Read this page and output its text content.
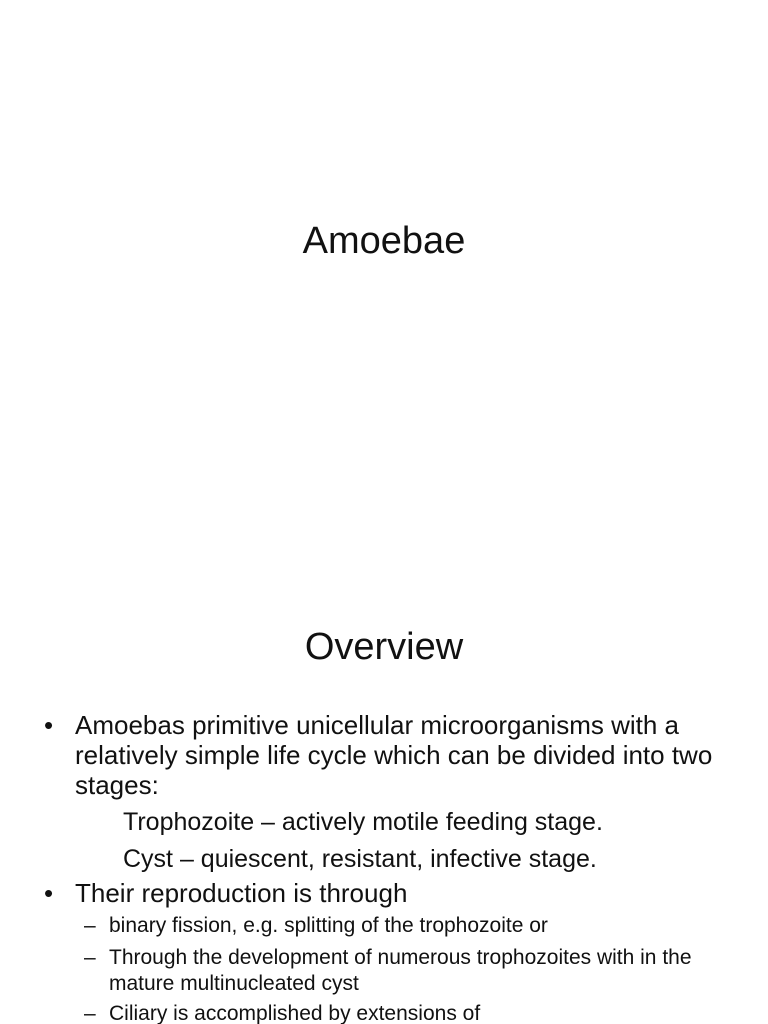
Amoebae
Overview
• Amoebas primitive unicellular microorganisms with a relatively simple life cycle which can be divided into two stages:
Trophozoite – actively motile feeding stage.
Cyst – quiescent, resistant, infective stage.
• Their reproduction is through
– binary fission, e.g. splitting of the trophozoite or
– Through the development of numerous trophozoites with in the mature multinucleated cyst
– Ciliary is accomplished by extensions of
